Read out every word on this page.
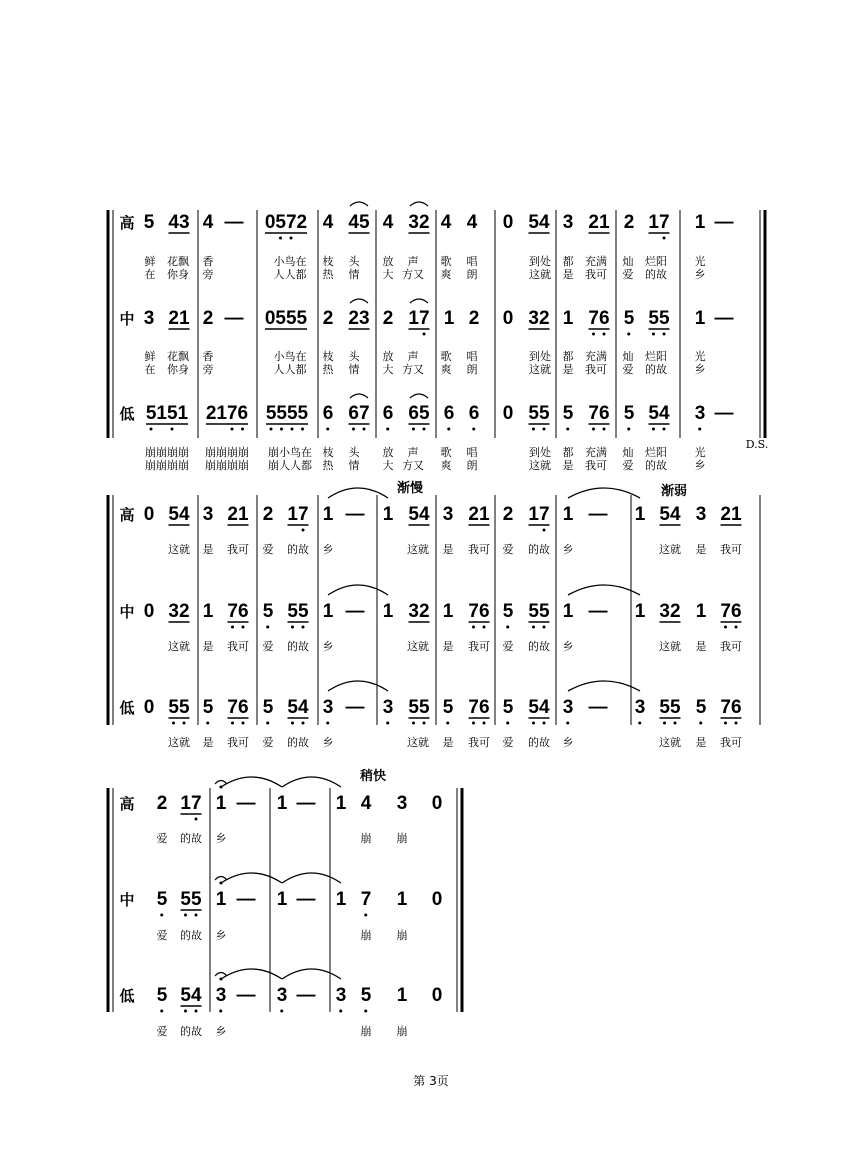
高 5 43 4 — 0572 4 45 4 32 4 4 0 54 3 21 2 17 1 —
鲜 花飘 香	小鸟在 枝 头 放 声 歌 唱	到处 都 充满 灿 烂阳	光
在 你身 旁	人人都 热 情 大 方又 爽 朗	这就 是 我可 爱 的故	乡
中 3 21 2 — 0555 2 23 2 17 1 2 0 32 1 76 5 55 1 —
鲜 花飘 香	小鸟在 枝 头 放 声 歌 唱	到处 都 充满 灿 烂阳	光
在 你身 旁	人人都 热 情 大 方又 爽 朗	这就 是 我可 爱 的故	乡
低 5151 2176 5555 6 67 6 65 6 6 0 55 5 76 5 54 3 —
崩崩崩崩 崩崩崩崩 崩小鸟在 枝 头 放 声 歌 唱	到处 都 充满 灿 烂阳	光
崩崩崩崩 崩崩崩崩 崩人人都 热 情 大 方又 爽 朗	这就 是 我可 爱 的故	乡
D.S.
高 0 54 3 21 2 17 1 — 1 54 3 21 2 17 1 — 1 54 3 21
这就 是 我可 爱 的故 乡	这就 是 我可 爱 的故 乡	这就 是 我可
中 0 32 1 76 5 55 1 — 1 32 1 76 5 55 1 — 1 32 1 76
这就 是 我可 爱 的故 乡	这就 是 我可 爱 的故 乡	这就 是 我可
低 0 55 5 76 5 54 3 — 3 55 5 76 5 54 3 — 3 55 5 76
这就 是 我可 爱 的故 乡	这就 是 我可 爱 的故 乡	这就 是 我可
渐慢	渐弱
高 2 17 1 — 1 — 1 4 3 0
爱 的故 乡	崩 崩
中 5 55 1 — 1 — 1 7 1 0
爱 的故 乡	崩 崩
低 5 54 3 — 3 — 3 5 1 0
爱 的故 乡	崩 崩
稍快
第 3页
